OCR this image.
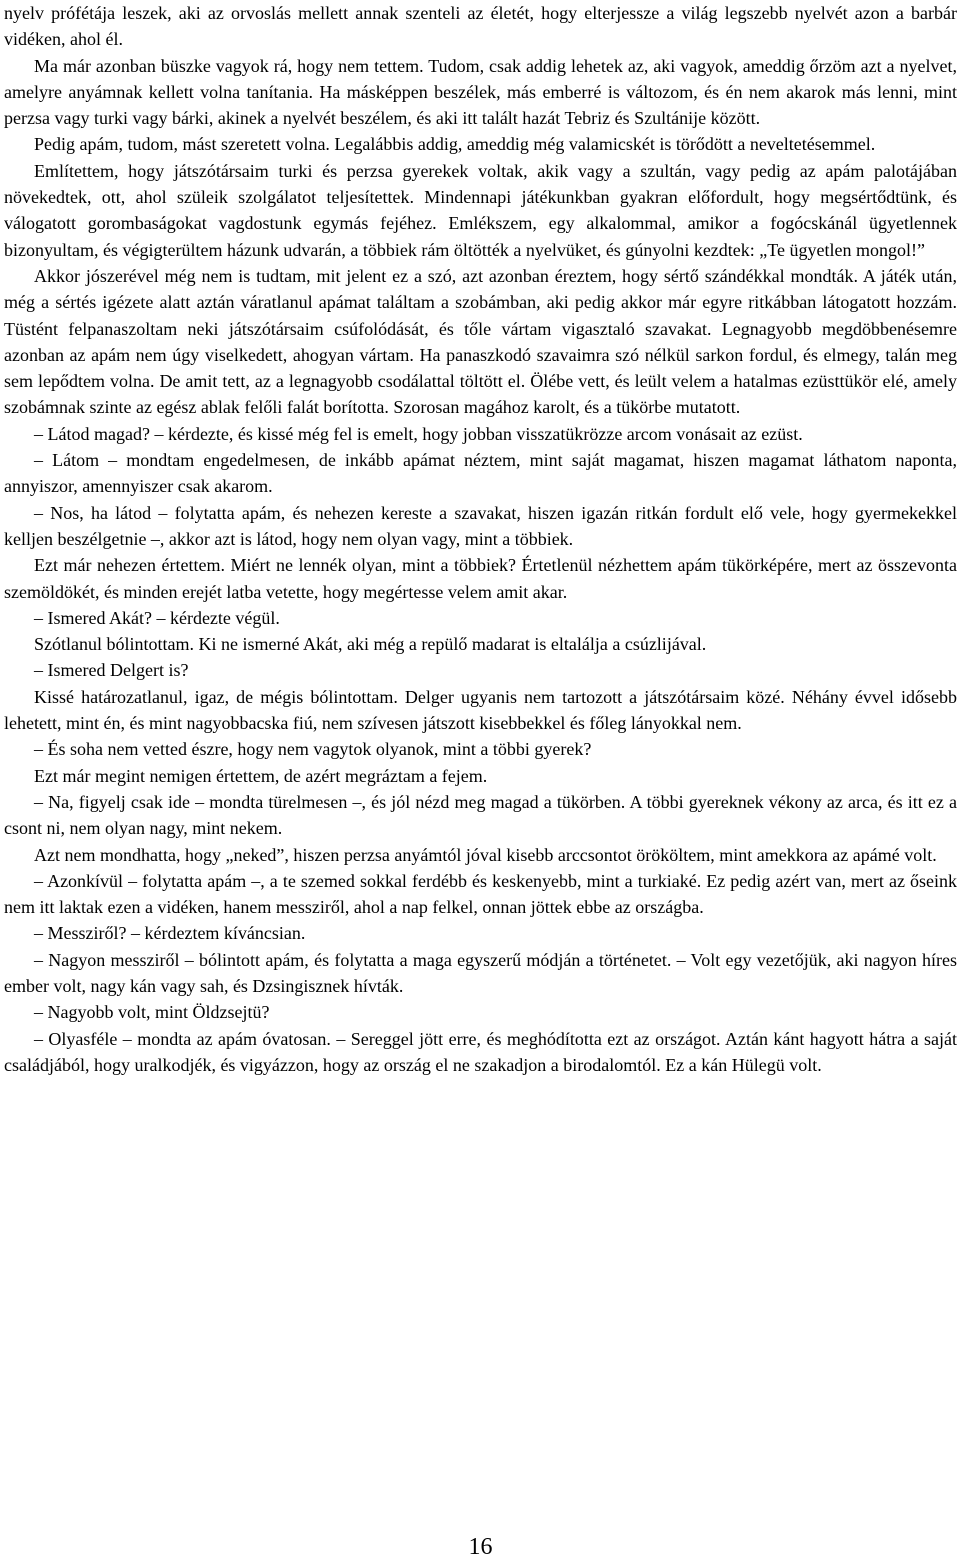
nyelv prófétája leszek, aki az orvoslás mellett annak szenteli az életét, hogy elterjessze a világ legszebb nyelvét azon a barbár vidéken, ahol él.

Ma már azonban büszke vagyok rá, hogy nem tettem. Tudom, csak addig lehetek az, aki vagyok, ameddig őrzöm azt a nyelvet, amelyre anyámnak kellett volna tanítania. Ha másképpen beszélek, más emberré is változom, és én nem akarok más lenni, mint perzsa vagy turki vagy bárki, akinek a nyelvét beszélem, és aki itt talált hazát Tebriz és Szultánije között.

Pedig apám, tudom, mást szeretett volna. Legalábbis addig, ameddig még valamicskét is törődött a neveltetésemmel.

Említettem, hogy játszótársaim turki és perzsa gyerekek voltak, akik vagy a szultán, vagy pedig az apám palotájában növekedtek, ott, ahol szüleik szolgálatot teljesítettek. Mindennapi játékunkban gyakran előfordult, hogy megsértődtünk, és válogatott gorombaságokat vagdostunk egymás fejéhez. Emlékszem, egy alkalommal, amikor a fogócskánál ügyetlennek bizonyultam, és végigterültem házunk udvarán, a többiek rám öltötték a nyelvüket, és gúnyolni kezdtek: „Te ügyetlen mongol!”

Akkor jószerével még nem is tudtam, mit jelent ez a szó, azt azonban éreztem, hogy sértő szándékkal mondták. A játék után, még a sértés igézete alatt aztán váratlanul apámat találtam a szobámban, aki pedig akkor már egyre ritkábban látogatott hozzám. Tüstént felpanaszoltam neki játszótársaim csúfolódását, és tőle vártam vigasztaló szavakat. Legnagyobb megdöbbenésemre azonban az apám nem úgy viselkedett, ahogyan vártam. Ha panaszkodó szavaimra szó nélkül sarkon fordul, és elmegy, talán meg sem lepődtem volna. De amit tett, az a legnagyobb csodálattal töltött el. Ölébe vett, és leült velem a hatalmas ezüsttükör elé, amely szobámnak szinte az egész ablak felőli falát borította. Szorosan magához karolt, és a tükörbe mutatott.

– Látod magad? – kérdezte, és kissé még fel is emelt, hogy jobban visszatükrözze arcom vonásait az ezüst.

– Látom – mondtam engedelmesen, de inkább apámat néztem, mint saját magamat, hiszen magamat láthatom naponta, annyiszor, amennyiszer csak akarom.

– Nos, ha látod – folytatta apám, és nehezen kereste a szavakat, hiszen igazán ritkán fordult elő vele, hogy gyermekekkel kelljen beszélgetnie –, akkor azt is látod, hogy nem olyan vagy, mint a többiek.

Ezt már nehezen értettem. Miért ne lennék olyan, mint a többiek? Értetlenül nézhettem apám tükörképére, mert az összevonta szemöldökét, és minden erejét latba vetette, hogy megértesse velem amit akar.

– Ismered Akát? – kérdezte végül.

Szótlanul bólintottam. Ki ne ismerné Akát, aki még a repülő madarat is eltalálja a csúzlijával.

– Ismered Delgert is?

Kissé határozatlanul, igaz, de mégis bólintottam. Delger ugyanis nem tartozott a játszótársaim közé. Néhány évvel idősebb lehetett, mint én, és mint nagyobbacska fiú, nem szívesen játszott kisebbekkel és főleg lányokkal nem.

– És soha nem vetted észre, hogy nem vagytok olyanok, mint a többi gyerek?

Ezt már megint nemigen értettem, de azért megráztam a fejem.

– Na, figyelj csak ide – mondta türelmesen –, és jól nézd meg magad a tükörben. A többi gyereknek vékony az arca, és itt ez a csont ni, nem olyan nagy, mint nekem.

Azt nem mondhatta, hogy „neked”, hiszen perzsa anyámtól jóval kisebb arccsontot örököltem, mint amekkora az apámé volt.

– Azonkívül – folytatta apám –, a te szemed sokkal ferdébb és keskenyebb, mint a turkiaké. Ez pedig azért van, mert az őseink nem itt laktak ezen a vidéken, hanem messziről, ahol a nap felkel, onnan jöttek ebbe az országba.

– Messziről? – kérdeztem kíváncsian.

– Nagyon messziről – bólintott apám, és folytatta a maga egyszerű módján a történetet. – Volt egy vezetőjük, aki nagyon híres ember volt, nagy kán vagy sah, és Dzsingisznek hívták.

– Nagyobb volt, mint Öldzsejtü?

– Olyasféle – mondta az apám óvatosan. – Sereggel jött erre, és meghódította ezt az országot. Aztán kánt hagyott hátra a saját családjából, hogy uralkodjék, és vigyázzon, hogy az ország el ne szakadjon a birodalomtól. Ez a kán Hülegü volt.

16
